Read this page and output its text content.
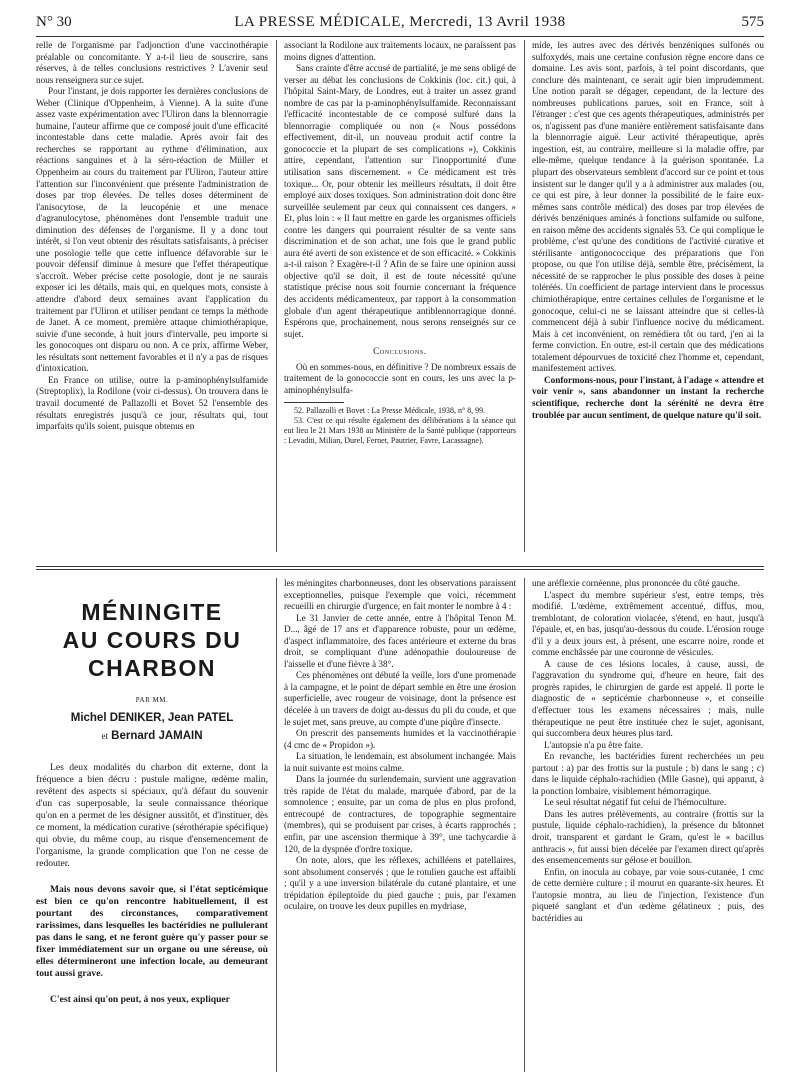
N° 30	LA PRESSE MÉDICALE, Mercredi, 13 Avril 1938	575

relle de l'organisme par l'adjonction d'une vaccinothérapie préalable ou concomitante. Y a-t-il lieu de souscrire, sans réserves, à de telles conclusions restrictives ? L'avenir seul nous renseignera sur ce sujet.

Pour l'instant, je dois rapporter les dernières conclusions de Weber (Clinique d'Oppenheim, à Vienne). A la suite d'une assez vaste expérimentation avec l'Uliron dans la blennorragie humaine, l'auteur affirme que ce composé jouit d'une efficacité incontestable dans cette maladie. Après avoir fait des recherches se rapportant au rythme d'élimination, aux réactions sanguines et à la séro-réaction de Müller et Oppenheim au cours du traitement par l'Uliron, l'auteur attire l'attention sur l'inconvénient que présente l'administration de doses par trop élevées. De telles doses déterminent de l'anisocytose, de la leucopénie et une menace d'agranulocytose, phénomènes dont l'ensemble traduit une diminution des défenses de l'organisme. Il y a donc tout intérêt, si l'on veut obtenir des résultats satisfaisants, à préciser une posologie telle que cette influence défavorable sur le pouvoir défensif diminue à mesure que l'effet thérapeutique s'accroît. Weber précise cette posologie, dont je ne saurais exposer ici les détails, mais qui, en quelques mots, consiste à attendre d'abord deux semaines avant l'application du traitement par l'Uliron et utiliser pendant ce temps la méthode de Janet. A ce moment, première attaque chimiothérapique, suivie d'une seconde, à huit jours d'intervalle, peu importe si les gonocoques ont disparu ou non. A ce prix, affirme Weber, les résultats sont nettement favorables et il n'y a pas de risques d'intoxication.

En France on utilise, outre la p-aminophénylsulfamide (Streptoplix), la Rodilone (voir ci-dessus). On trouvera dans le travail documenté de Pallazolli et Bovet 52 l'ensemble des résultats enregistrés jusqu'à ce jour, résultats qui, tout imparfaits qu'ils soient, puisque obtenus en

associant la Rodilone aux traitements locaux, ne paraissent pas moins dignes d'attention.

Sans crainte d'être accusé de partialité, je me sens obligé de verser au débat les conclusions de Cokkinis (loc. cit.) qui, à l'hôpital Saint-Mary, de Londres, eut à traiter un assez grand nombre de cas par la p-aminophénylsulfamide. Reconnaissant l'efficacité incontestable de ce composé sulfuré dans la blennorragie compliquée ou non (« Nous possédons effectivement, dit-il, un nouveau produit actif contre la gonococcie et la plupart de ses complications »), Cokkinis attire, cependant, l'attention sur l'inopportunité d'une utilisation sans discernement. « Ce médicament est très toxique... Or, pour obtenir les meilleurs résultats, il doit être employé aux doses toxiques. Son administration doit donc être surveillée seulement par ceux qui connaissent ces dangers. » Et, plus loin : « Il faut mettre en garde les organismes officiels contre les dangers qui pourraient résulter de sa vente sans discrimination et de son achat, une fois que le grand public aura été averti de son existence et de son efficacité. » Cokkinis a-t-il raison ? Exagère-t-il ? Afin de se faire une opinion aussi objective qu'il se doit, il est de toute nécessité qu'une statistique précise nous soit fournie concernant la fréquence des accidents médicamenteux, par rapport à la consommation globale d'un agent thérapeutique antiblennorragique donné. Espérons que, prochainement, nous serons renseignés sur ce sujet.

Conclusions.

Où en sommes-nous, en définitive ? De nombreux essais de traitement de la gonococcie sont en cours, les uns avec la p-aminophénylsulfa-

52. Pallazolli et Bovet : La Presse Médicale, 1938, n° 8, 99.

53. C'est ce qui résulte également des délibérations à la séance qui eut lieu le 21 Mars 1938 au Ministère de la Santé publique (rapporteurs : Levaditi, Milian, Durel, Fernet, Pautrier, Favre, Lacassagne).

mide, les autres avec des dérivés benzéniques sulfonés ou sulfoxydés, mais une certaine confusion règne encore dans ce domaine. Les avis sont, parfois, à tel point discordants, que conclure dès maintenant, ce serait agir bien imprudemment. Une notion paraît se dégager, cependant, de la lecture des nombreuses publications parues, soit en France, soit à l'étranger : c'est que ces agents thérapeutiques, administrés per os, n'agissent pas d'une manière entièrement satisfaisante dans la blennorragie aiguë. Leur activité thérapeutique, après ingestion, est, au contraire, meilleure si la maladie offre, par elle-même, quelque tendance à la guérison spontanée. La plupart des observateurs semblent d'accord sur ce point et tous insistent sur le danger qu'il y a à administrer aux malades (ou, ce qui est pire, à leur donner la possibilité de le faire eux-mêmes sans contrôle médical) des doses par trop élevées de dérivés benzéniques aminés à fonctions sulfamide ou sulfone, en raison même des accidents signalés 53. Ce qui complique le problème, c'est qu'une des conditions de l'activité curative et stérilisante antigonococcique des préparations que l'on propose, ou que l'on utilise déjà, semble être, précisément, la nécessité de se rapprocher le plus possible des doses à peine toléréés. Un coefficient de partage intervient dans le processus chimiothérapique, entre certaines cellules de l'organisme et le gonocoque, celui-ci ne se laissant atteindre que si celles-là commencent déjà à subir l'influence nocive du médicament. Mais à cet inconvénient, on remédiera tôt ou tard, j'en ai la ferme conviction. En outre, est-il certain que des médications totalement dépourvues de toxicité chez l'homme et, cependant, manifestement actives.

Conformons-nous, pour l'instant, à l'adage « attendre et voir venir », sans abandonner un instant la recherche scientifique, recherche dont la sérénité ne devra être troublée par aucun sentiment, de quelque nature qu'il soit.

MÉNINGITE
AU COURS DU CHARBON
PAR MM.
Michel DENIKER, Jean PATEL
et Bernard JAMAIN

Les deux modalités du charbon dit externe, dont la fréquence a bien décru : pustule maligne, œdème malin, revêtent des aspects si spéciaux, qu'à défaut du souvenir d'un cas superposable, la seule connaissance théorique qu'on en a permet de les désigner aussitôt, et d'instituer, dès ce moment, la médication curative (sérothérapie spécifique) qui obvie, du même coup, au risque d'ensemencement de l'organisme, la grande complication que l'on ne cesse de redouter.

Mais nous devons savoir que, si l'état septicémique est bien ce qu'on rencontre habituellement, il est pourtant des circonstances, comparativement rarissimes, dans lesquelles les bactéridies ne pullulerant pas dans le sang, et ne feront guère qu'y passer pour se fixer immédiatement sur un organe ou une séreuse, où elles détermineront une infection locale, au demeurant tout aussi grave.

C'est ainsi qu'on peut, à nos yeux, expliquer

les méningites charbonneuses, dont les observations paraissent exceptionnelles, puisque l'exemple que voici, récemment recueilli en chirurgie d'urgence, en fait monter le nombre à 4 :

Le 31 Janvier de cette année, entre à l'hôpital Tenon M. D..., âgé de 17 ans et d'apparence robuste, pour un œdème, d'aspect inflammatoire, des faces antérieure et externe du bras droit, se compliquant d'une adénopathie douloureuse de l'aisselle et d'une fièvre à 38°.

Ces phénomènes ont débuté la veille, lors d'une promenade à la campagne, et le point de départ semble en être une érosion superficielle, avec rougeur de voisinage, dont la présence est décelée à un travers de doigt au-dessus du pli du coude, et que le sujet met, sans preuve, au compte d'une piqûre d'insecte.

On prescrit des pansements humides et la vaccinothérapie (4 cmc de « Propidon »).

La situation, le lendemain, est absolument inchangée. Mais la nuit suivante est moins calme.

Dans la journée du surlendemain, survient une aggravation très rapide de l'état du malade, marquée d'abord, par de la somnolence ; ensuite, par un coma de plus en plus profond, entrecoupé de contractures, de topographie segmentaire (membres), qui se produisent par crises, à écarts rapprochés ; enfin, par une ascension thermique à 39°, une tachycardie à 120, de la dyspnée d'ordre toxique.

On note, alors, que les réflexes, achilléens et patellaires, sont absolument conservés ; que le rotulien gauche est affaibli ; qu'il y a une inversion bilatérale du cutané plantaire, et une trépidation épileptoïde du pied gauche ; puis, par l'examen oculaire, on trouve les deux pupilles en mydriase,

une aréflexie cornéenne, plus prononcée du côté gauche.

L'aspect du membre supérieur s'est, entre temps, très modifié. L'œdème, extrêmement accentué, diffus, mou, tremblotant, de coloration violacée, s'étend, en haut, jusqu'à l'épaule, et, en bas, jusqu'au-dessous du coude. L'érosion rouge d'il y a deux jours est, à présent, une escarre noire, ronde et comme enchâssée par une couronne de vésicules.

A cause de ces lésions locales, à cause, aussi, de l'aggravation du syndrome qui, d'heure en heure, fait des progrès rapides, le chirurgien de garde est appelé. Il porte le diagnostic de « septicémie charbonneuse », et conseille d'effectuer tous les examens nécessaires ; mais, nulle thérapeutique ne peut être instituée chez le sujet, agonisant, qui succombera deux heures plus tard.

L'autopsie n'a pu être faite.

En revanche, les bactéridies furent recherchées un peu partout : a) par des frottis sur la pustule ; b) dans le sang ; c) dans le liquide céphalo-rachidien (Mlle Gasne), qui apparut, à la ponction lombaire, visiblement hémorragique.

Le seul résultat négatif fut celui de l'hémoculture.

Dans les autres prélèvements, au contraire (frottis sur la pustule, liquide céphalo-rachidien), la présence du bâtonnet droit, transparent et gardant le Gram, qu'est le « bacillus anthracis », fut aussi bien décelée par l'examen direct qu'après des ensemencements sur gélose et bouillon.

Enfin, on inocula au cobaye, par voie sous-cutanée, 1 cmc de cette dernière culture ; il mourut en quarante-six heures. Et l'autopsie montra, au lieu de l'injection, l'existence d'un piqueté sanglant et d'un œdème gélatineux ; puis, des bactéridies au
